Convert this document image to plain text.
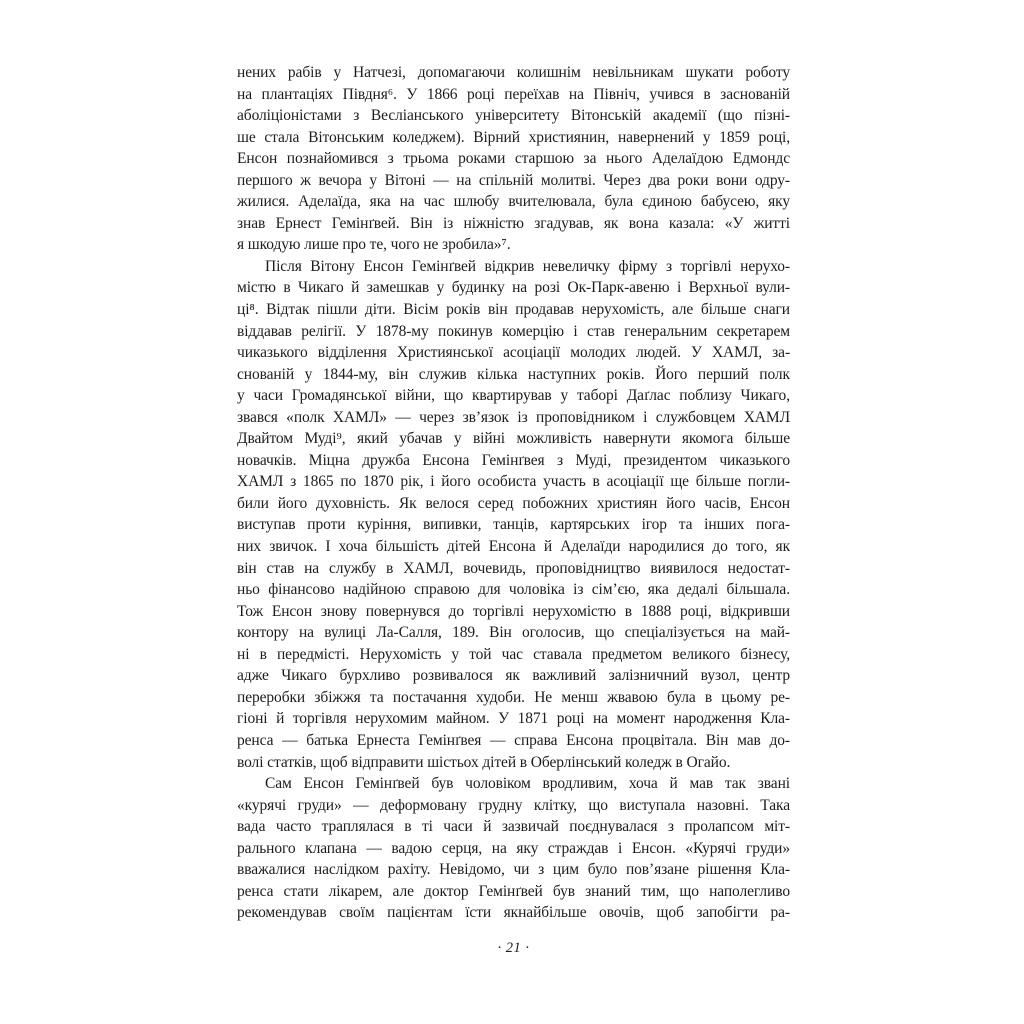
нених рабів у Натчезі, допомагаючи колишнім невільникам шукати роботу
на плантаціях Півдня⁶. У 1866 році переїхав на Північ, учився в заснованій
аболіціоністами з Весліанського університету Вітонській академії (що пізні-
ше стала Вітонським коледжем). Вірний християнин, навернений у 1859 році,
Енсон познайомився з трьома роками старшою за нього Аделаїдою Едмондс
першого ж вечора у Вітоні — на спільній молитві. Через два роки вони одру-
жилися. Аделаїда, яка на час шлюбу вчителювала, була єдиною бабусею, яку
знав Ернест Гемінґвей. Він із ніжністю згадував, як вона казала: «У житті
я шкодую лише про те, чого не зробила»⁷.
Після Вітону Енсон Гемінґвей відкрив невеличку фірму з торгівлі нерухо-
містю в Чикаго й замешкав у будинку на розі Ок-Парк-авеню і Верхньої вули-
ці⁸. Відтак пішли діти. Вісім років він продавав нерухомість, але більше снаги
віддавав релігії. У 1878-му покинув комерцію і став генеральним секретарем
чиказького відділення Християнської асоціації молодих людей. У ХАМЛ, за-
снованій у 1844-му, він служив кілька наступних років. Його перший полк
у часи Громадянської війни, що квартирував у таборі Даґлас поблизу Чикаго,
звався «полк ХАМЛ» — через зв’язок із проповідником і службовцем ХАМЛ
Двайтом Муді⁹, який убачав у війні можливість навернути якомога більше
новачків. Міцна дружба Енсона Гемінґвея з Муді, президентом чиказького
ХАМЛ з 1865 по 1870 рік, і його особиста участь в асоціації ще більше погли-
били його духовність. Як велося серед побожних християн його часів, Енсон
виступав проти куріння, випивки, танців, картярських ігор та інших пога-
них звичок. І хоча більшість дітей Енсона й Аделаїди народилися до того, як
він став на службу в ХАМЛ, вочевидь, проповідництво виявилося недостат-
ньо фінансово надійною справою для чоловіка із сім’єю, яка дедалі більшала.
Тож Енсон знову повернувся до торгівлі нерухомістю в 1888 році, відкривши
контору на вулиці Ла-Салля, 189. Він оголосив, що спеціалізується на май-
ні в передмісті. Нерухомість у той час ставала предметом великого бізнесу,
адже Чикаго бурхливо розвивалося як важливий залізничний вузол, центр
переробки збіжжя та постачання худоби. Не менш жвавою була в цьому ре-
гіоні й торгівля нерухомим майном. У 1871 році на момент народження Кла-
ренса — батька Ернеста Гемінґвея — справа Енсона процвітала. Він мав до-
волі статків, щоб відправити шістьох дітей в Оберлінський коледж в Огайо.
Сам Енсон Гемінґвей був чоловіком вродливим, хоча й мав так звані
«курячі груди» — деформовану грудну клітку, що виступала назовні. Така
вада часто траплялася в ті часи й зазвичай поєднувалася з пролапсом міт-
рального клапана — вадою серця, на яку страждав і Енсон. «Курячі груди»
вважалися наслідком рахіту. Невідомо, чи з цим було пов’язане рішення Кла-
ренса стати лікарем, але доктор Гемінґвей був знаний тим, що наполегливо
рекомендував своїм пацієнтам їсти якнайбільше овочів, щоб запобігти ра-
· 21 ·
